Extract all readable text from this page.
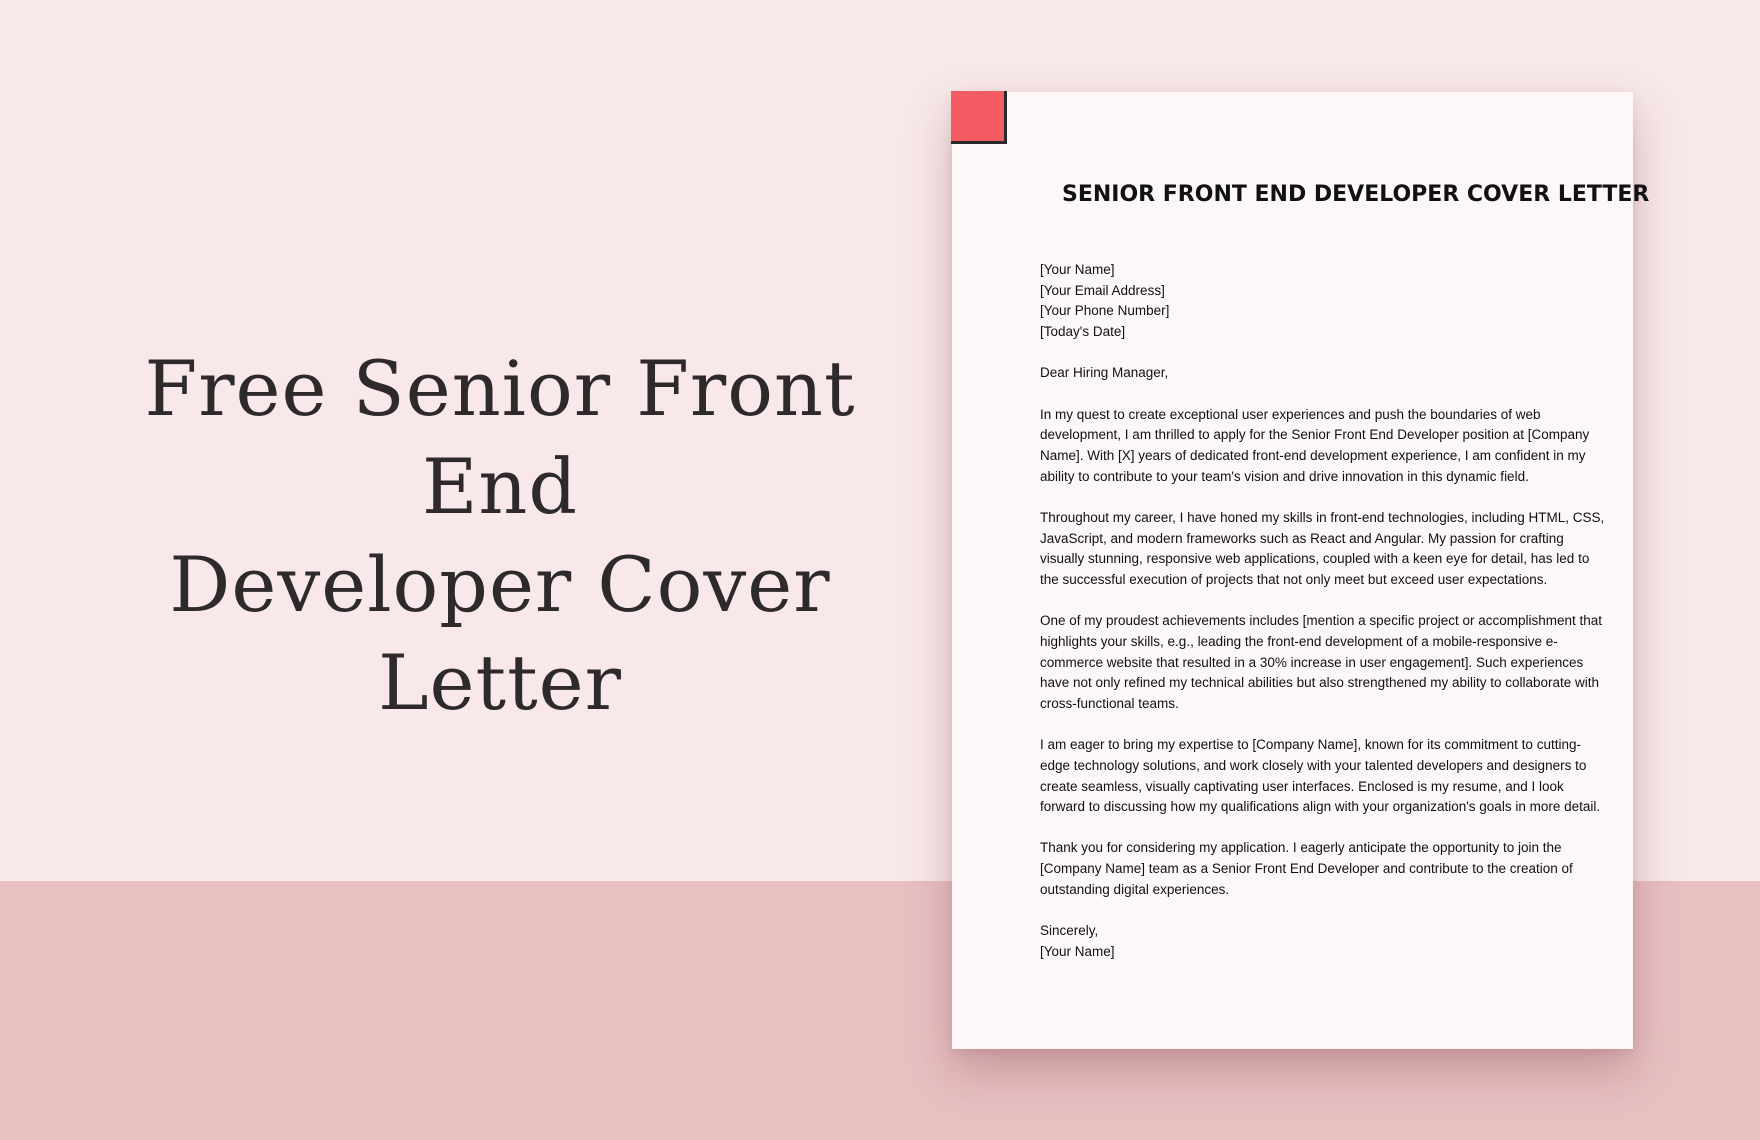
Free Senior Front End
Developer Cover Letter
SENIOR FRONT END DEVELOPER COVER LETTER

[Your Name]
[Your Email Address]
[Your Phone Number]
[Today's Date]

Dear Hiring Manager,

In my quest to create exceptional user experiences and push the boundaries of web development, I am thrilled to apply for the Senior Front End Developer position at [Company Name]. With [X] years of dedicated front-end development experience, I am confident in my ability to contribute to your team's vision and drive innovation in this dynamic field.

Throughout my career, I have honed my skills in front-end technologies, including HTML, CSS, JavaScript, and modern frameworks such as React and Angular. My passion for crafting visually stunning, responsive web applications, coupled with a keen eye for detail, has led to the successful execution of projects that not only meet but exceed user expectations.

One of my proudest achievements includes [mention a specific project or accomplishment that highlights your skills, e.g., leading the front-end development of a mobile-responsive e-commerce website that resulted in a 30% increase in user engagement]. Such experiences have not only refined my technical abilities but also strengthened my ability to collaborate with cross-functional teams.

I am eager to bring my expertise to [Company Name], known for its commitment to cutting-edge technology solutions, and work closely with your talented developers and designers to create seamless, visually captivating user interfaces. Enclosed is my resume, and I look forward to discussing how my qualifications align with your organization's goals in more detail.

Thank you for considering my application. I eagerly anticipate the opportunity to join the [Company Name] team as a Senior Front End Developer and contribute to the creation of outstanding digital experiences.

Sincerely,
[Your Name]
